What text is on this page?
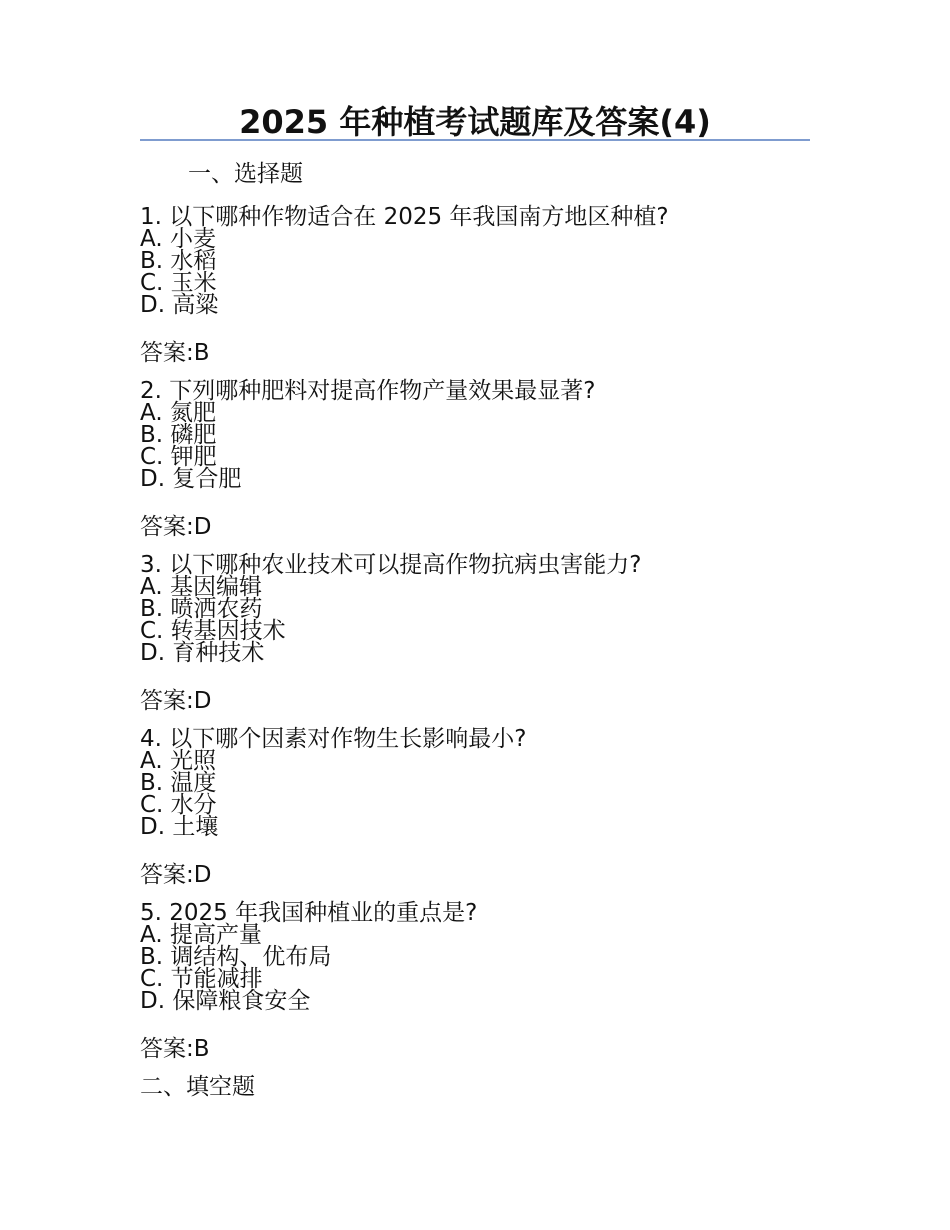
2025 年种植考试题库及答案(4)
一、选择题
1. 以下哪种作物适合在 2025 年我国南方地区种植?
A. 小麦
B. 水稻
C. 玉米
D. 高粱
答案:B
2. 下列哪种肥料对提高作物产量效果最显著?
A. 氮肥
B. 磷肥
C. 钾肥
D. 复合肥
答案:D
3. 以下哪种农业技术可以提高作物抗病虫害能力?
A. 基因编辑
B. 喷洒农药
C. 转基因技术
D. 育种技术
答案:D
4. 以下哪个因素对作物生长影响最小?
A. 光照
B. 温度
C. 水分
D. 土壤
答案:D
5. 2025 年我国种植业的重点是?
A. 提高产量
B. 调结构、优布局
C. 节能减排
D. 保障粮食安全
答案:B
二、填空题
